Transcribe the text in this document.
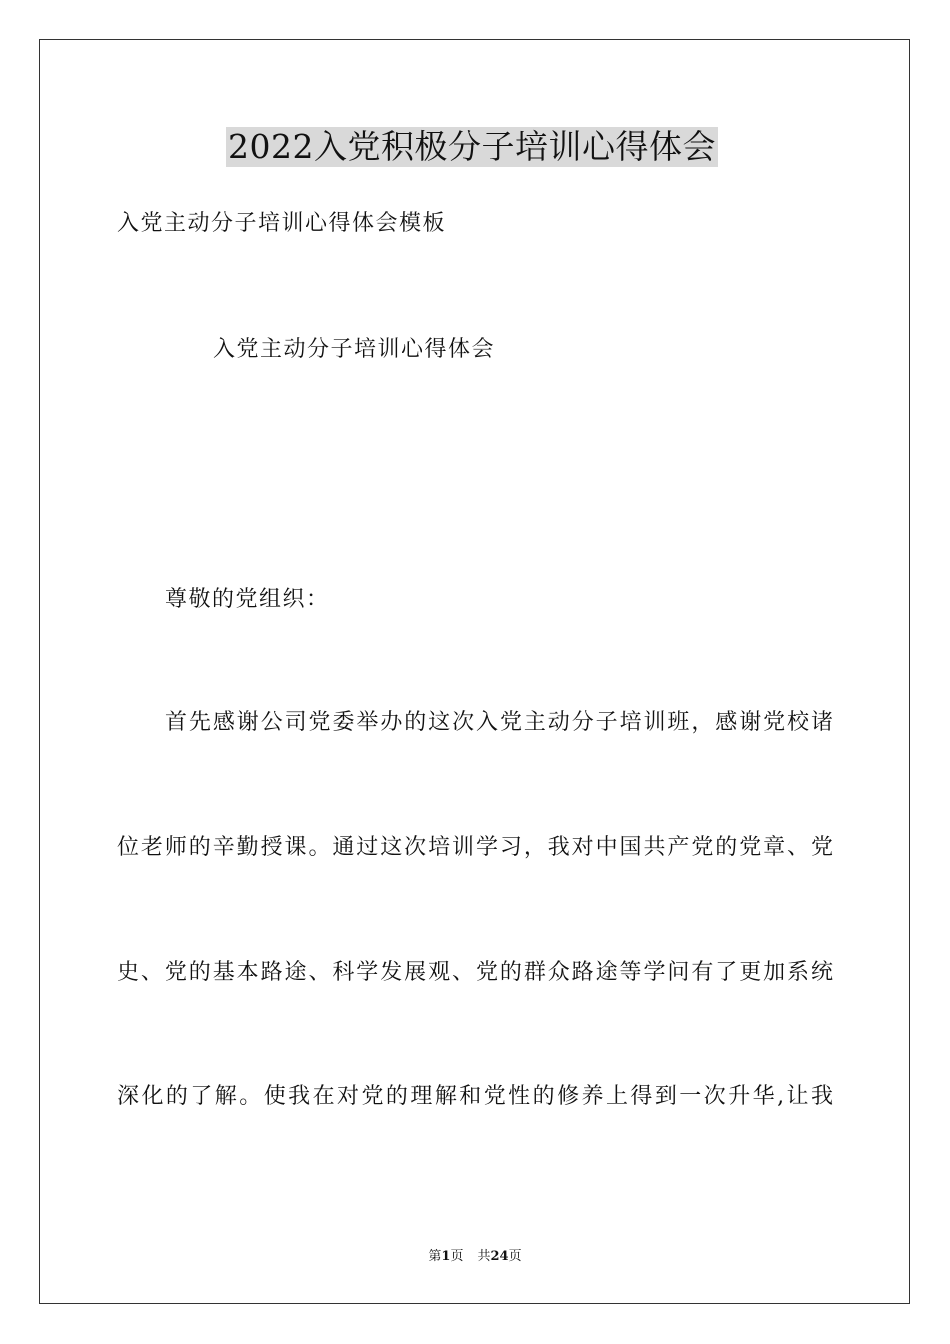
2022入党积极分子培训心得体会
入党主动分子培训心得体会模板
入党主动分子培训心得体会
尊敬的党组织：
首先感谢公司党委举办的这次入党主动分子培训班，感谢党校诸
位老师的辛勤授课。通过这次培训学习，我对中国共产党的党章、党
史、党的基本路途、科学发展观、党的群众路途等学问有了更加系统
深化的了解。使我在对党的理解和党性的修养上得到一次升华,让我
第1页 共24页
